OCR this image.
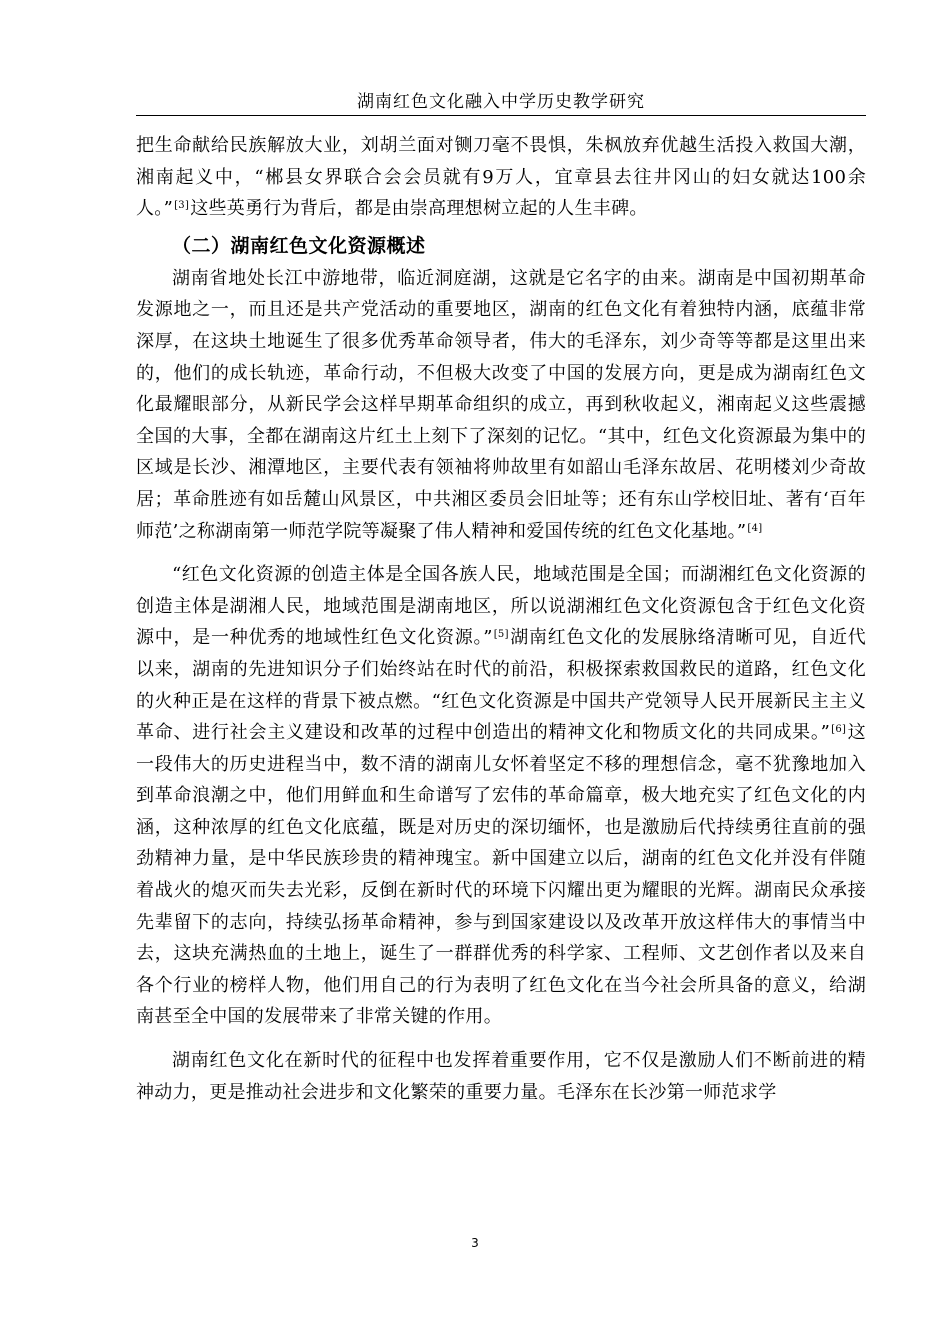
湖南红色文化融入中学历史教学研究

把生命献给民族解放大业，刘胡兰面对铡刀毫不畏惧，朱枫放弃优越生活投入救国大潮，湘南起义中，“郴县女界联合会会员就有9万人，宜章县去往井冈山的妇女就达100余人。”[3]这些英勇行为背后，都是由崇高理想树立起的人生丰碑。

（二）湖南红色文化资源概述

湖南省地处长江中游地带，临近洞庭湖，这就是它名字的由来。湖南是中国初期革命发源地之一，而且还是共产党活动的重要地区，湖南的红色文化有着独特内涵，底蕴非常深厚，在这块土地诞生了很多优秀革命领导者，伟大的毛泽东，刘少奇等等都是这里出来的，他们的成长轨迹，革命行动，不但极大改变了中国的发展方向，更是成为湖南红色文化最耀眼部分，从新民学会这样早期革命组织的成立，再到秋收起义，湘南起义这些震撼全国的大事，全都在湖南这片红土上刻下了深刻的记忆。“其中，红色文化资源最为集中的区域是长沙、湘潭地区，主要代表有领袖将帅故里有如韶山毛泽东故居、花明楼刘少奇故居；革命胜迹有如岳麓山风景区，中共湘区委员会旧址等；还有东山学校旧址、著有‘百年师范’之称湖南第一师范学院等凝聚了伟人精神和爱国传统的红色文化基地。”[4]

“红色文化资源的创造主体是全国各族人民，地域范围是全国；而湖湘红色文化资源的创造主体是湖湘人民，地域范围是湖南地区，所以说湖湘红色文化资源包含于红色文化资源中，是一种优秀的地域性红色文化资源。”[5]湖南红色文化的发展脉络清晰可见，自近代以来，湖南的先进知识分子们始终站在时代的前沿，积极探索救国救民的道路，红色文化的火种正是在这样的背景下被点燃。“红色文化资源是中国共产党领导人民开展新民主主义革命、进行社会主义建设和改革的过程中创造出的精神文化和物质文化的共同成果。”[6]这一段伟大的历史进程当中，数不清的湖南儿女怀着坚定不移的理想信念，毫不犹豫地加入到革命浪潮之中，他们用鲜血和生命谱写了宏伟的革命篇章，极大地充实了红色文化的内涵，这种浓厚的红色文化底蕴，既是对历史的深切缅怀，也是激励后代持续勇往直前的强劲精神力量，是中华民族珍贵的精神瑰宝。新中国建立以后，湖南的红色文化并没有伴随着战火的熄灭而失去光彩，反倒在新时代的环境下闪耀出更为耀眼的光辉。湖南民众承接先辈留下的志向，持续弘扬革命精神，参与到国家建设以及改革开放这样伟大的事情当中去，这块充满热血的土地上，诞生了一群群优秀的科学家、工程师、文艺创作者以及来自各个行业的榜样人物，他们用自己的行为表明了红色文化在当今社会所具备的意义，给湖南甚至全中国的发展带来了非常关键的作用。

湖南红色文化在新时代的征程中也发挥着重要作用，它不仅是激励人们不断前进的精神动力，更是推动社会进步和文化繁荣的重要力量。毛泽东在长沙第一师范求学

3
